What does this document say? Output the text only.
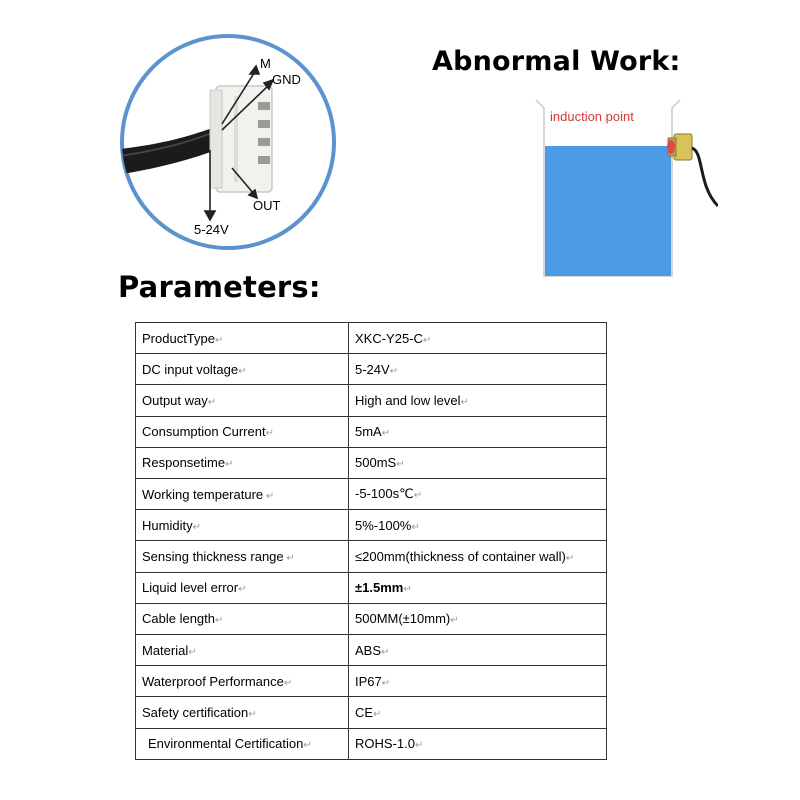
M
GND
OUT
5-24V
Abnormal Work:
induction point
Parameters:
ProductType↵	XKC-Y25-C↵
DC input voltage↵	5-24V↵
Output way↵	High and low level↵
Consumption Current↵	5mA↵
Responsetime↵	500mS↵
Working temperature ↵	-5-100s℃↵
Humidity↵	5%-100%↵
Sensing thickness range ↵	≤200mm(thickness of container wall)↵
Liquid level error↵	±1.5mm↵
Cable length↵	500MM(±10mm)↵
Material↵	ABS↵
Waterproof Performance↵	IP67↵
Safety certification↵	CE↵
Environmental Certification↵	ROHS-1.0↵
